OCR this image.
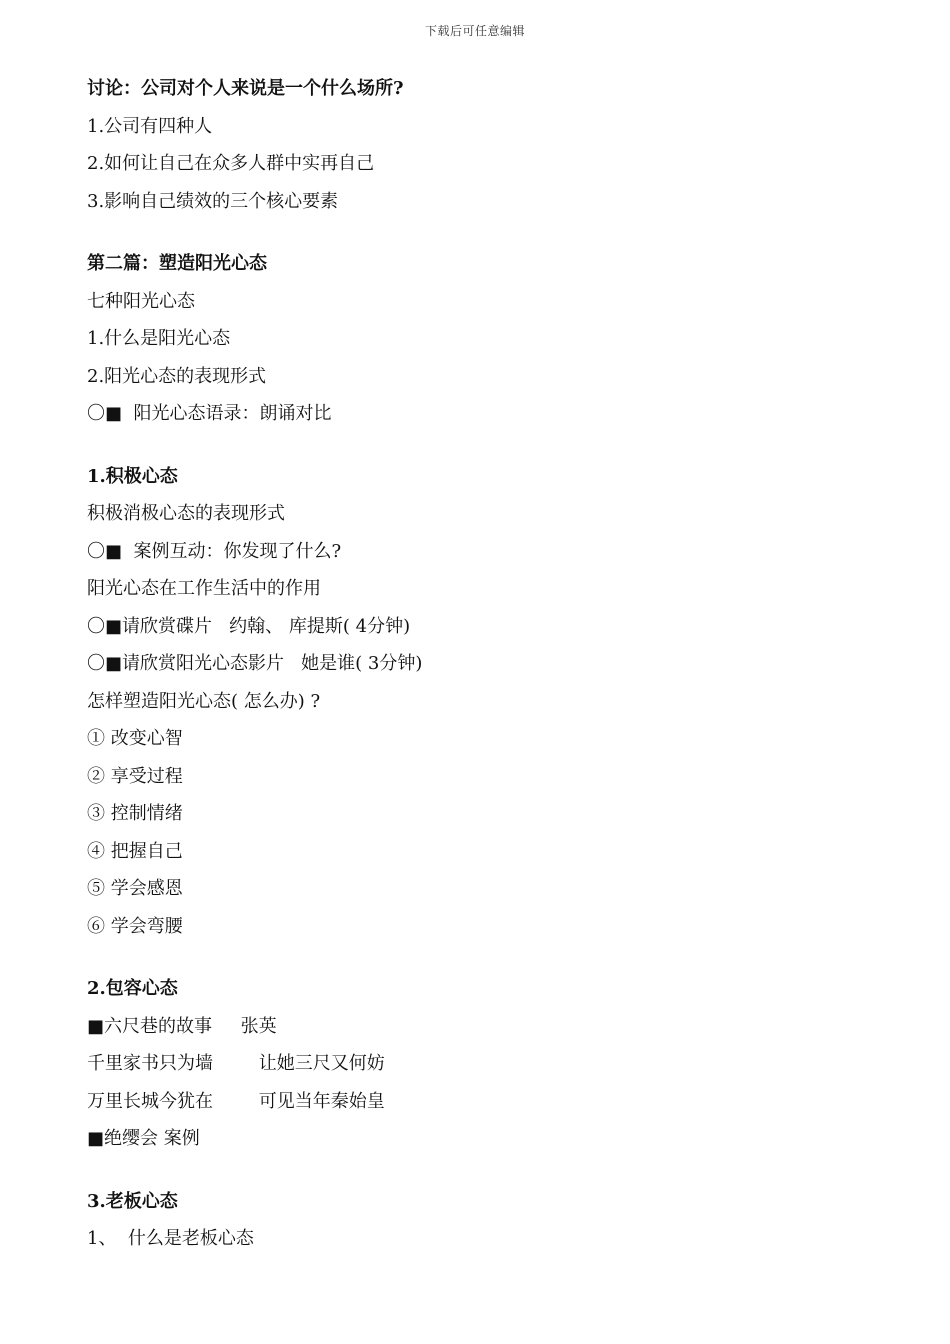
下载后可任意编辑
讨论：公司对个人来说是一个什么场所?
1.公司有四种人
2.如何让自己在众多人群中实再自己
3.影响自己绩效的三个核心要素
第二篇：塑造阳光心态
七种阳光心态
1.什么是阳光心态
2.阳光心态的表现形式
〇■  阳光心态语录：朗诵对比
1.积极心态
积极消极心态的表现形式
〇■  案例互动：你发现了什么?
阳光心态在工作生活中的作用
〇■请欣赏碟片   约翰、 库提斯( 4分钟)
〇■请欣赏阳光心态影片   她是谁( 3分钟)
怎样塑造阳光心态( 怎么办) ?
① 改变心智
② 享受过程
③ 控制情绪
④ 把握自己
⑤ 学会感恩
⑥ 学会弯腰
2.包容心态
■六尺巷的故事     张英
千里家书只为墙        让她三尺又何妨
万里长城今犹在        可见当年秦始皇
■绝缨会 案例
3.老板心态
1、  什么是老板心态
